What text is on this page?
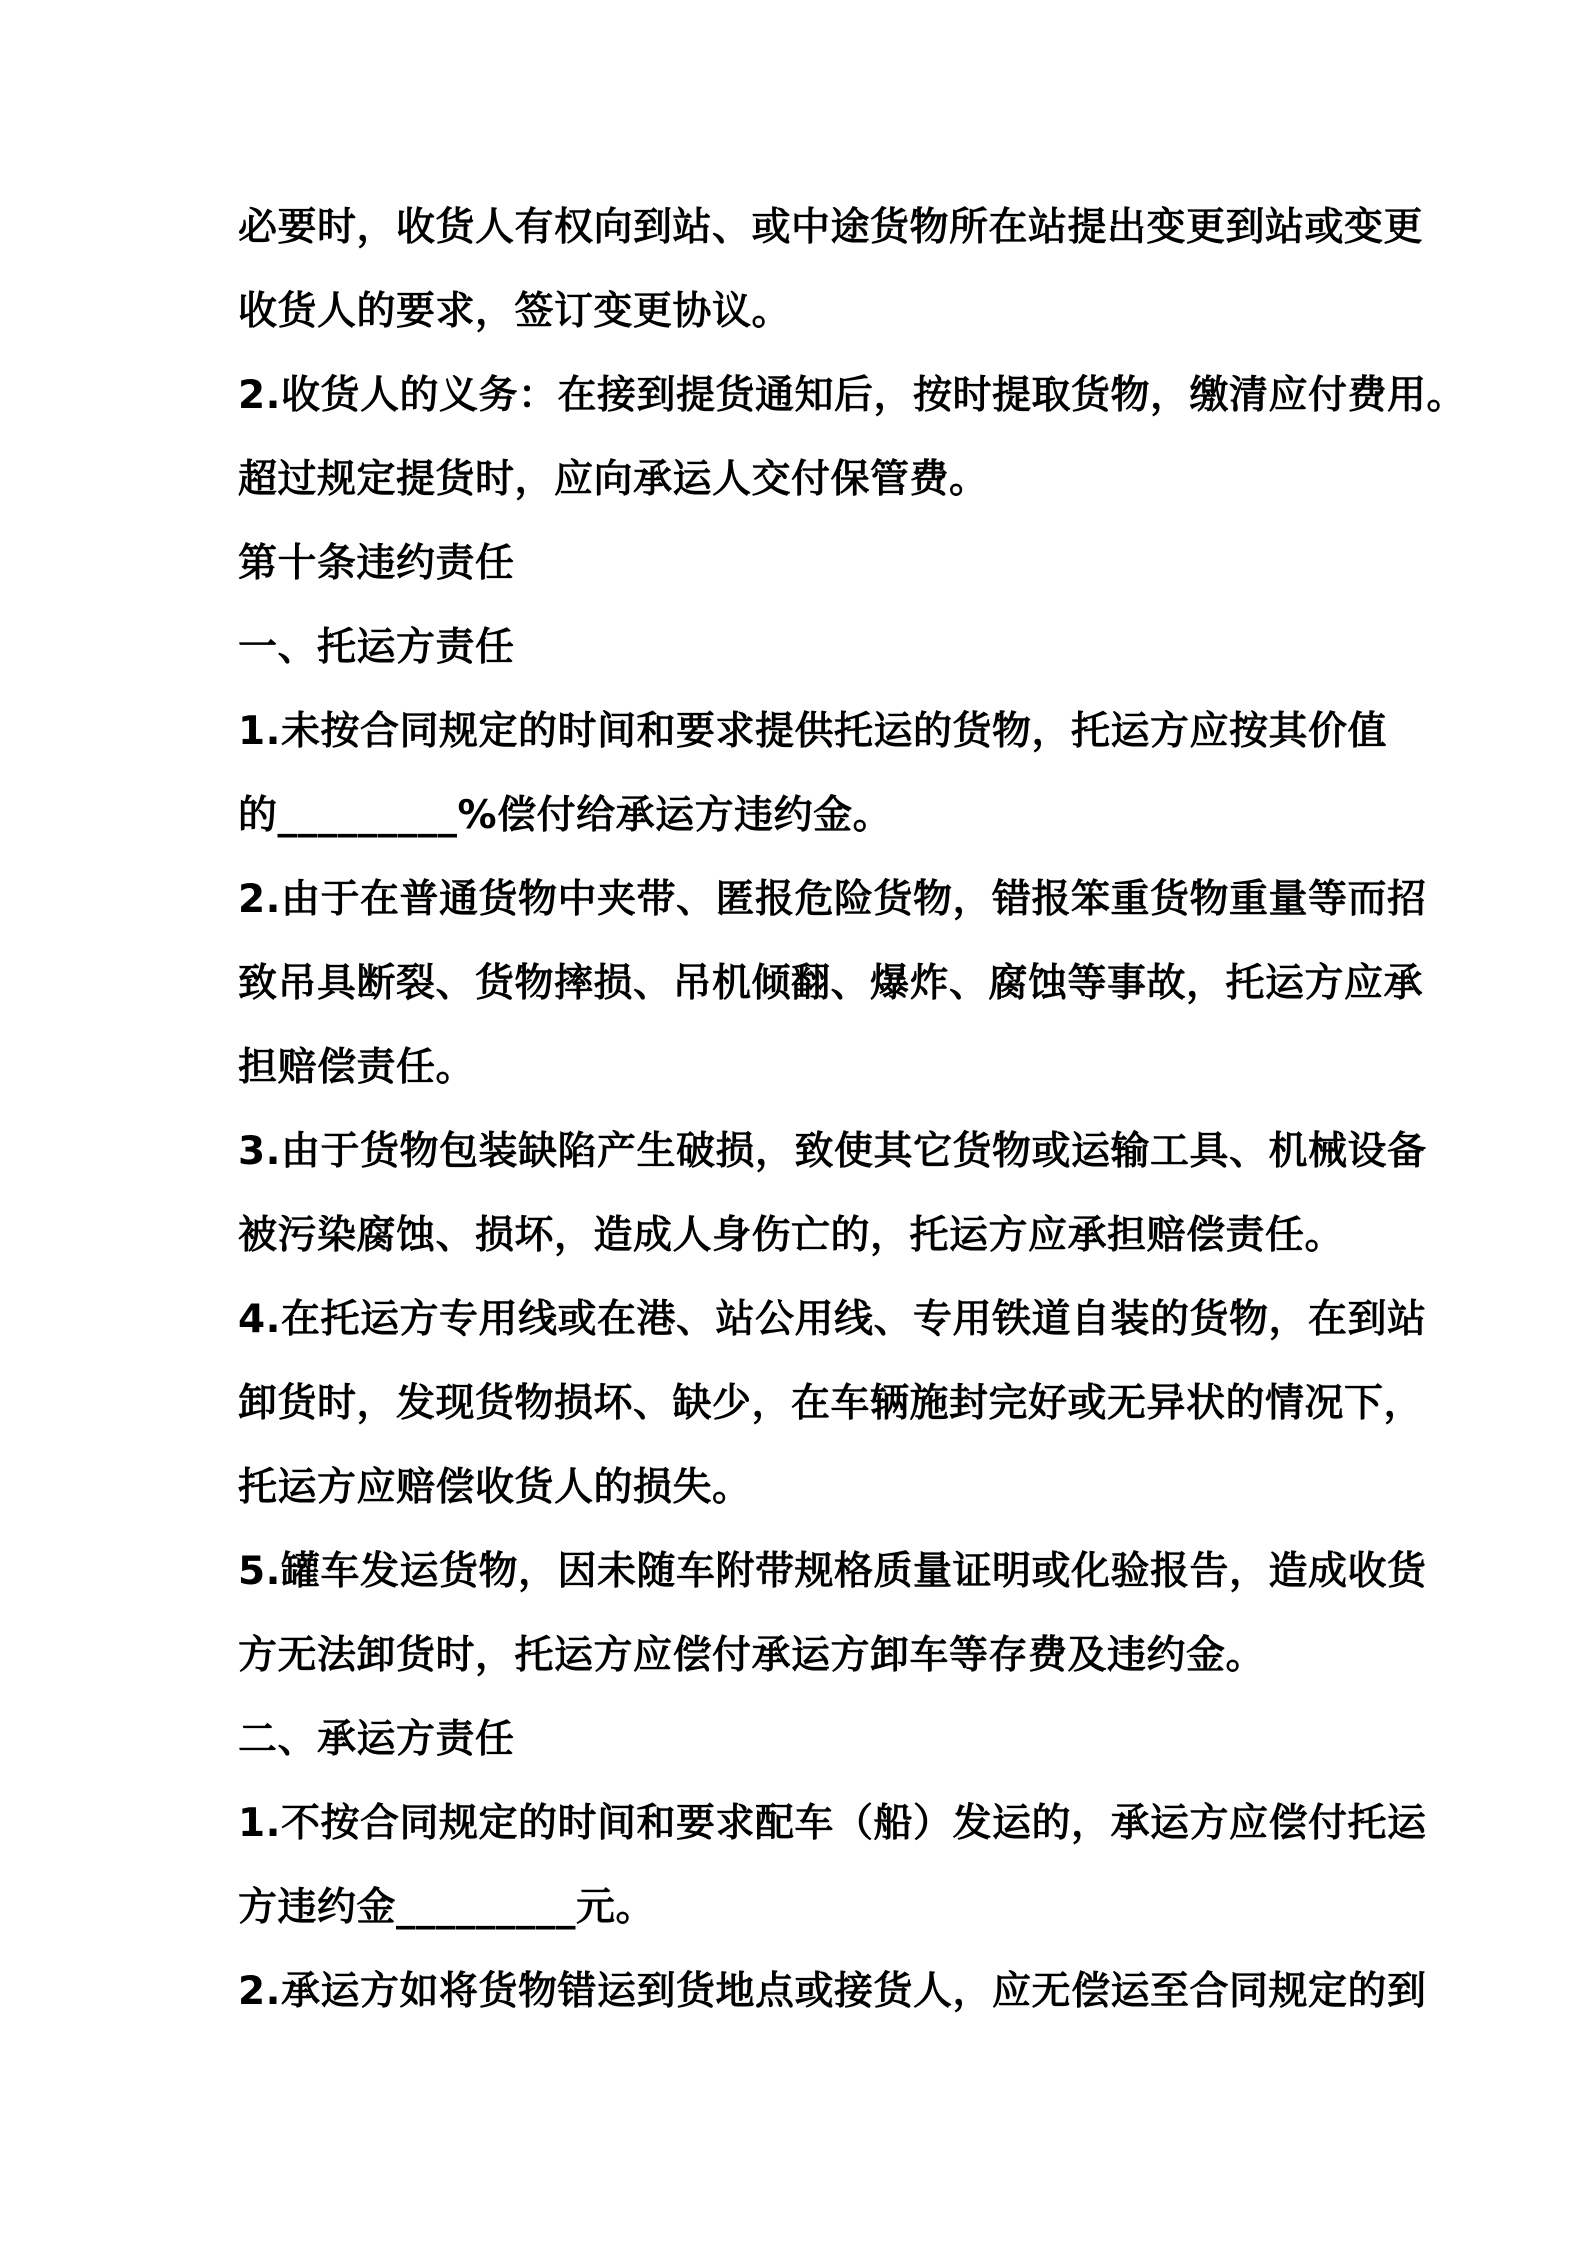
必要时，收货人有权向到站、或中途货物所在站提出变更到站或变更
收货人的要求，签订变更协议。
2.收货人的义务：在接到提货通知后，按时提取货物，缴清应付费用。
超过规定提货时，应向承运人交付保管费。
第十条违约责任
一、托运方责任
1.未按合同规定的时间和要求提供托运的货物，托运方应按其价值
的_________%偿付给承运方违约金。
2.由于在普通货物中夹带、匿报危险货物，错报笨重货物重量等而招
致吊具断裂、货物摔损、吊机倾翻、爆炸、腐蚀等事故，托运方应承
担赔偿责任。
3.由于货物包装缺陷产生破损，致使其它货物或运输工具、机械设备
被污染腐蚀、损坏，造成人身伤亡的，托运方应承担赔偿责任。
4.在托运方专用线或在港、站公用线、专用铁道自装的货物，在到站
卸货时，发现货物损坏、缺少，在车辆施封完好或无异状的情况下，
托运方应赔偿收货人的损失。
5.罐车发运货物，因未随车附带规格质量证明或化验报告，造成收货
方无法卸货时，托运方应偿付承运方卸车等存费及违约金。
二、承运方责任
1.不按合同规定的时间和要求配车（船）发运的，承运方应偿付托运
方违约金_________元。
2.承运方如将货物错运到货地点或接货人，应无偿运至合同规定的到
